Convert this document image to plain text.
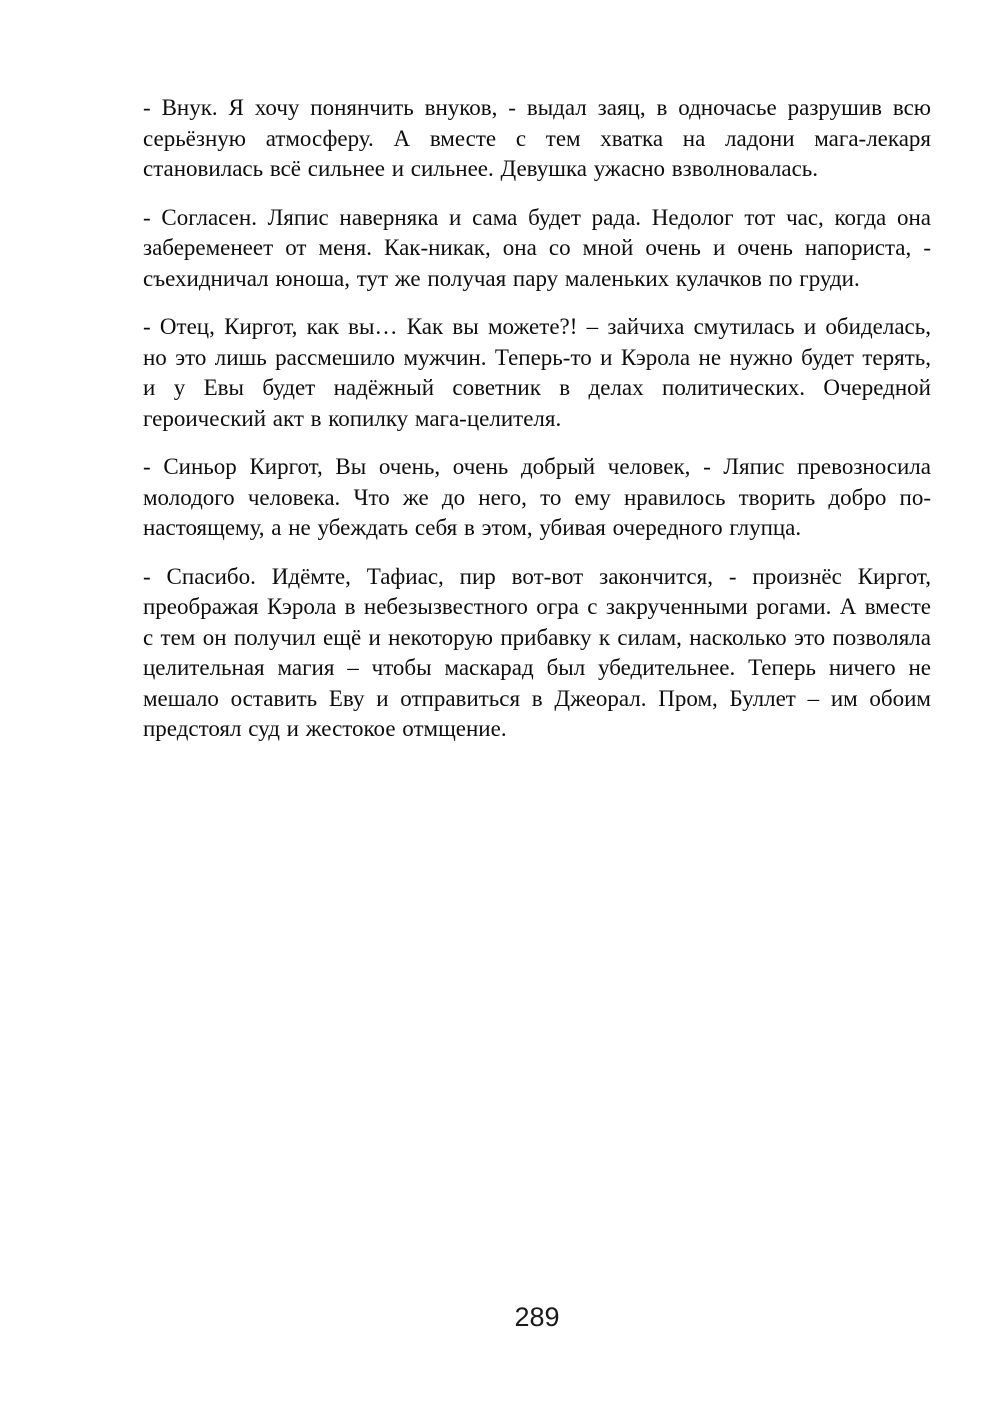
- Внук. Я хочу понянчить внуков, - выдал заяц, в одночасье разрушив всю серьёзную атмосферу. А вместе с тем хватка на ладони мага-лекаря становилась всё сильнее и сильнее. Девушка ужасно взволновалась.

- Согласен. Ляпис наверняка и сама будет рада. Недолог тот час, когда она забеременеет от меня. Как-никак, она со мной очень и очень напориста, - съехидничал юноша, тут же получая пару маленьких кулачков по груди.

- Отец, Киргот, как вы… Как вы можете?! – зайчиха смутилась и обиделась, но это лишь рассмешило мужчин. Теперь-то и Кэрола не нужно будет терять, и у Евы будет надёжный советник в делах политических. Очередной героический акт в копилку мага-целителя.

- Синьор Киргот, Вы очень, очень добрый человек, - Ляпис превозносила молодого человека. Что же до него, то ему нравилось творить добро по-настоящему, а не убеждать себя в этом, убивая очередного глупца.

- Спасибо. Идёмте, Тафиас, пир вот-вот закончится, - произнёс Киргот, преображая Кэрола в небезызвестного огра с закрученными рогами. А вместе с тем он получил ещё и некоторую прибавку к силам, насколько это позволяла целительная магия – чтобы маскарад был убедительнее. Теперь ничего не мешало оставить Еву и отправиться в Джеорал. Пром, Буллет – им обоим предстоял суд и жестокое отмщение.

289
